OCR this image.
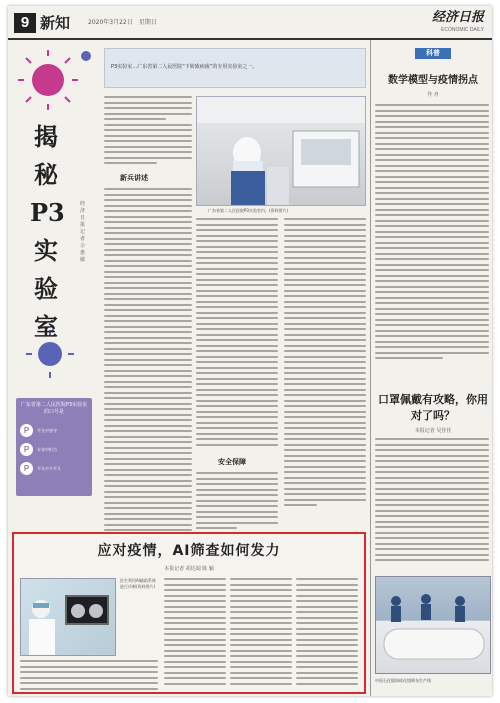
9 新知	2020年3月22日　星期日	经济日报
ECONOMIC DAILY
揭秘P3实验室
经济日报 记者 佘惠敏
广东省第二人民医院P3实验室的口号是
P	平凡中坚守
P	专业中担当
P	平凡中不平凡
P3实验室…广东省第二人民医院“下转致病菌”的专用实验室之一。
新兵讲述
广东省第二人民医院P3实验室内。(资料图片)
安全保障
科普
数学模型与疫情拐点
作 舟
口罩佩戴有攻略，你用对了吗？
本报记者 吴佳佳
中国石化镇海炼化熔喷布生产线
应对疫情，AI筛查如何发力
本报记者 胡达闻 陈 颖
医生利用AI辅助系统进行诊断(资料图片)
